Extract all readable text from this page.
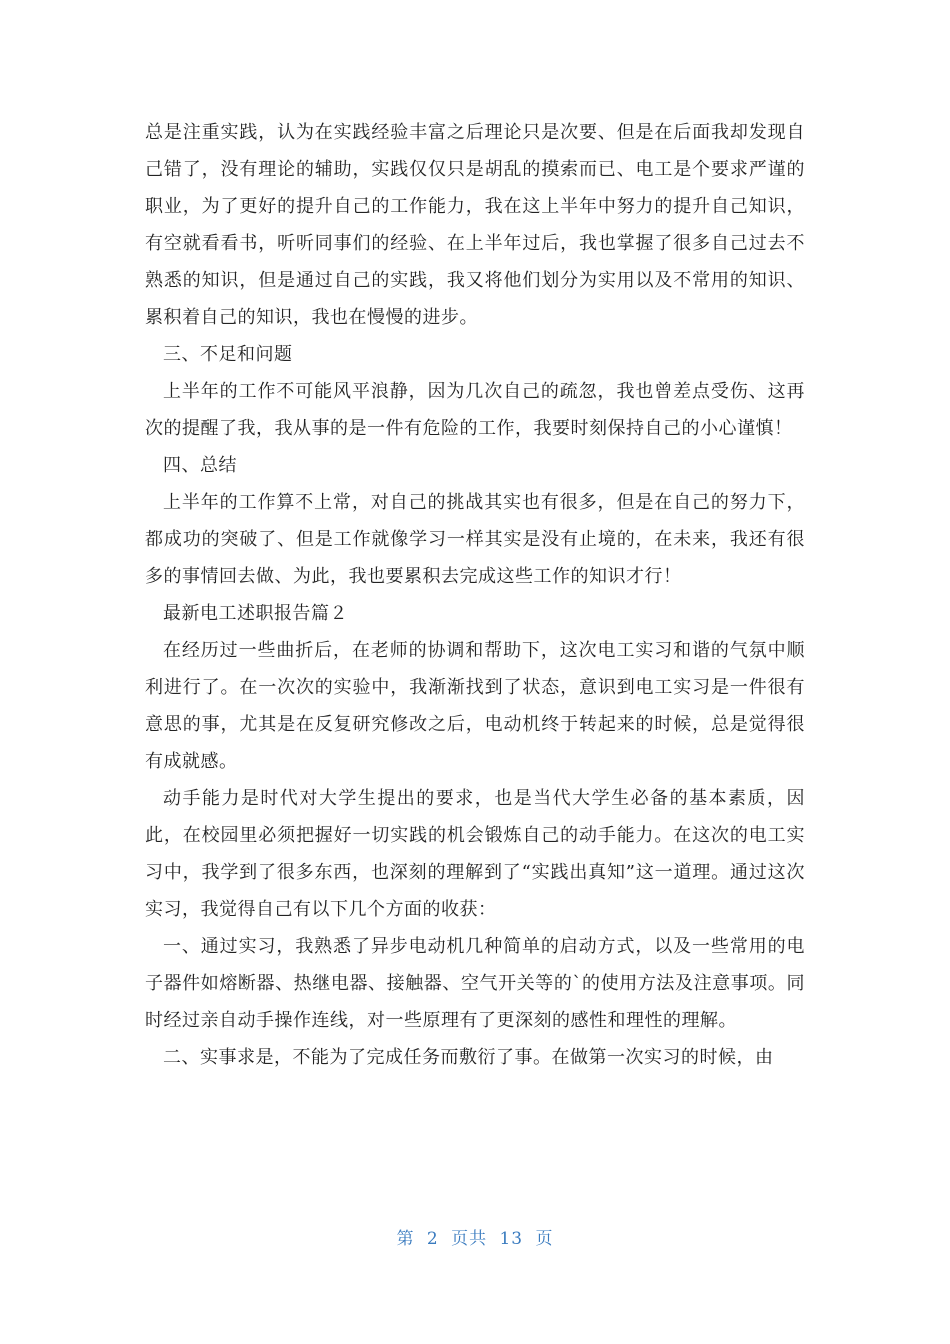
总是注重实践，认为在实践经验丰富之后理论只是次要、但是在后面我却发现自己错了，没有理论的辅助，实践仅仅只是胡乱的摸索而已、电工是个要求严谨的职业，为了更好的提升自己的工作能力，我在这上半年中努力的提升自己知识，有空就看看书，听听同事们的经验、在上半年过后，我也掌握了很多自己过去不熟悉的知识，但是通过自己的实践，我又将他们划分为实用以及不常用的知识、累积着自己的知识，我也在慢慢的进步。

三、不足和问题

上半年的工作不可能风平浪静，因为几次自己的疏忽，我也曾差点受伤、这再次的提醒了我，我从事的是一件有危险的工作，我要时刻保持自己的小心谨慎！

四、总结

上半年的工作算不上常，对自己的挑战其实也有很多，但是在自己的努力下，都成功的突破了、但是工作就像学习一样其实是没有止境的，在未来，我还有很多的事情回去做、为此，我也要累积去完成这些工作的知识才行！

最新电工述职报告篇２

在经历过一些曲折后，在老师的协调和帮助下，这次电工实习和谐的气氛中顺利进行了。在一次次的实验中，我渐渐找到了状态，意识到电工实习是一件很有意思的事，尤其是在反复研究修改之后，电动机终于转起来的时候，总是觉得很有成就感。

动手能力是时代对大学生提出的要求，也是当代大学生必备的基本素质，因此，在校园里必须把握好一切实践的机会锻炼自己的动手能力。在这次的电工实习中，我学到了很多东西，也深刻的理解到了“实践出真知”这一道理。通过这次实习，我觉得自己有以下几个方面的收获：

一、通过实习，我熟悉了异步电动机几种简单的启动方式，以及一些常用的电子器件如熔断器、热继电器、接触器、空气开关等的`的使用方法及注意事项。同时经过亲自动手操作连线，对一些原理有了更深刻的感性和理性的理解。

二、实事求是，不能为了完成任务而敷衍了事。在做第一次实习的时候，由

第 2 页共 13 页
